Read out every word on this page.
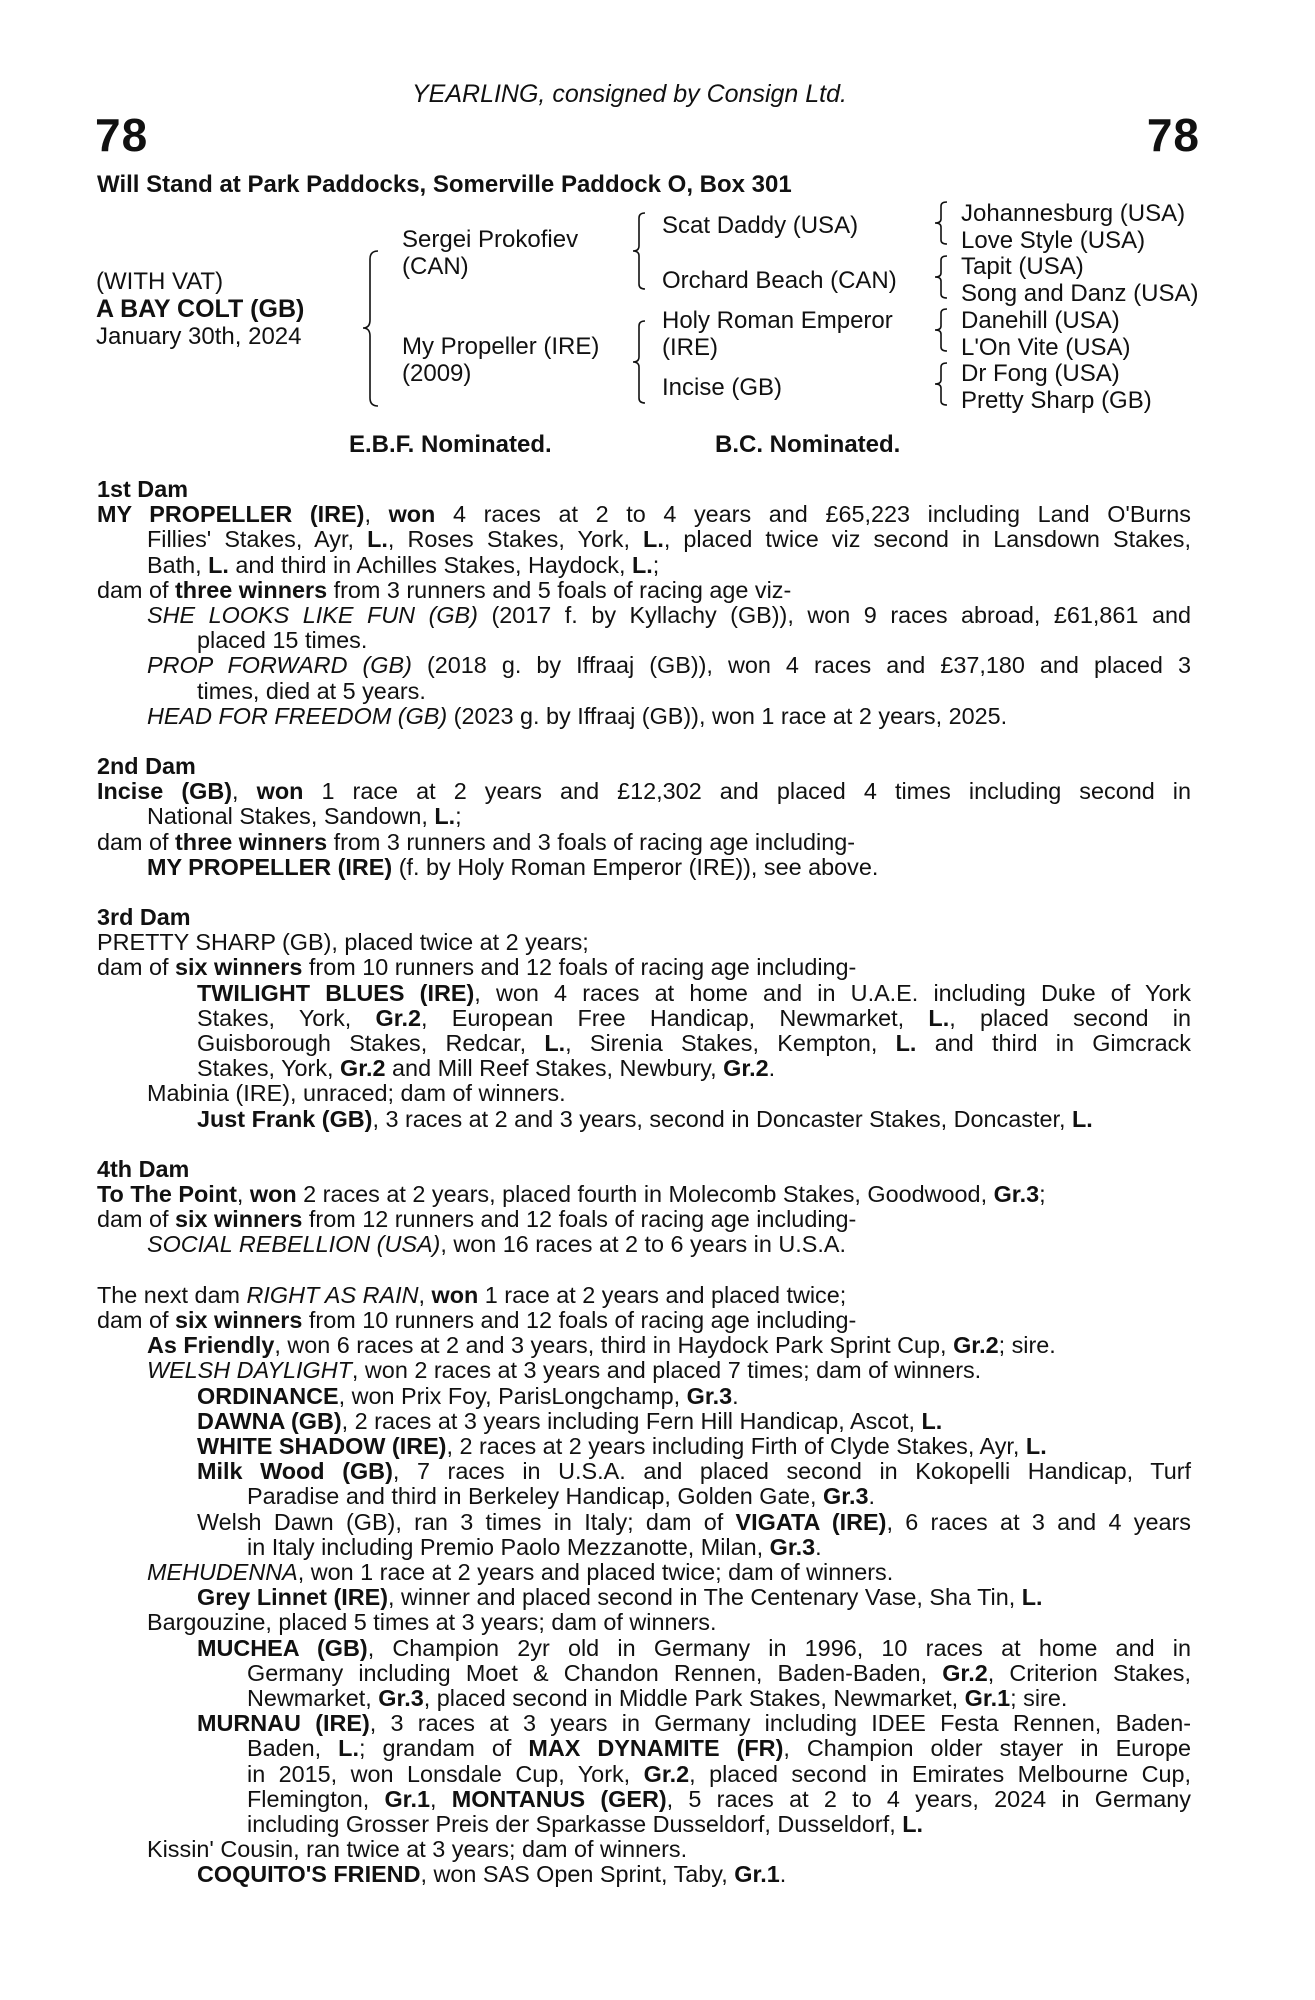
YEARLING, consigned by Consign Ltd.
78	78
Will Stand at Park Paddocks, Somerville Paddock O, Box 301
(WITH VAT)
A BAY COLT (GB)
January 30th, 2024
Sergei Prokofiev
(CAN)
My Propeller (IRE)
(2009)
Scat Daddy (USA)
Orchard Beach (CAN)
Holy Roman Emperor
(IRE)
Incise (GB)
Johannesburg (USA)
Love Style (USA)
Tapit (USA)
Song and Danz (USA)
Danehill (USA)
L'On Vite (USA)
Dr Fong (USA)
Pretty Sharp (GB)
E.B.F. Nominated.	B.C. Nominated.
1st Dam
MY PROPELLER (IRE), won 4 races at 2 to 4 years and £65,223 including Land O'Burns
Fillies' Stakes, Ayr, L., Roses Stakes, York, L., placed twice viz second in Lansdown Stakes,
Bath, L. and third in Achilles Stakes, Haydock, L.;
dam of three winners from 3 runners and 5 foals of racing age viz-
SHE LOOKS LIKE FUN (GB) (2017 f. by Kyllachy (GB)), won 9 races abroad, £61,861 and
placed 15 times.
PROP FORWARD (GB) (2018 g. by Iffraaj (GB)), won 4 races and £37,180 and placed 3
times, died at 5 years.
HEAD FOR FREEDOM (GB) (2023 g. by Iffraaj (GB)), won 1 race at 2 years, 2025.
2nd Dam
Incise (GB), won 1 race at 2 years and £12,302 and placed 4 times including second in
National Stakes, Sandown, L.;
dam of three winners from 3 runners and 3 foals of racing age including-
MY PROPELLER (IRE) (f. by Holy Roman Emperor (IRE)), see above.
3rd Dam
PRETTY SHARP (GB), placed twice at 2 years;
dam of six winners from 10 runners and 12 foals of racing age including-
TWILIGHT BLUES (IRE), won 4 races at home and in U.A.E. including Duke of York
Stakes, York, Gr.2, European Free Handicap, Newmarket, L., placed second in
Guisborough Stakes, Redcar, L., Sirenia Stakes, Kempton, L. and third in Gimcrack
Stakes, York, Gr.2 and Mill Reef Stakes, Newbury, Gr.2.
Mabinia (IRE), unraced; dam of winners.
Just Frank (GB), 3 races at 2 and 3 years, second in Doncaster Stakes, Doncaster, L.
4th Dam
To The Point, won 2 races at 2 years, placed fourth in Molecomb Stakes, Goodwood, Gr.3;
dam of six winners from 12 runners and 12 foals of racing age including-
SOCIAL REBELLION (USA), won 16 races at 2 to 6 years in U.S.A.
The next dam RIGHT AS RAIN, won 1 race at 2 years and placed twice;
dam of six winners from 10 runners and 12 foals of racing age including-
As Friendly, won 6 races at 2 and 3 years, third in Haydock Park Sprint Cup, Gr.2; sire.
WELSH DAYLIGHT, won 2 races at 3 years and placed 7 times; dam of winners.
ORDINANCE, won Prix Foy, ParisLongchamp, Gr.3.
DAWNA (GB), 2 races at 3 years including Fern Hill Handicap, Ascot, L.
WHITE SHADOW (IRE), 2 races at 2 years including Firth of Clyde Stakes, Ayr, L.
Milk Wood (GB), 7 races in U.S.A. and placed second in Kokopelli Handicap, Turf
Paradise and third in Berkeley Handicap, Golden Gate, Gr.3.
Welsh Dawn (GB), ran 3 times in Italy; dam of VIGATA (IRE), 6 races at 3 and 4 years
in Italy including Premio Paolo Mezzanotte, Milan, Gr.3.
MEHUDENNA, won 1 race at 2 years and placed twice; dam of winners.
Grey Linnet (IRE), winner and placed second in The Centenary Vase, Sha Tin, L.
Bargouzine, placed 5 times at 3 years; dam of winners.
MUCHEA (GB), Champion 2yr old in Germany in 1996, 10 races at home and in
Germany including Moet & Chandon Rennen, Baden-Baden, Gr.2, Criterion Stakes,
Newmarket, Gr.3, placed second in Middle Park Stakes, Newmarket, Gr.1; sire.
MURNAU (IRE), 3 races at 3 years in Germany including IDEE Festa Rennen, Baden-
Baden, L.; grandam of MAX DYNAMITE (FR), Champion older stayer in Europe
in 2015, won Lonsdale Cup, York, Gr.2, placed second in Emirates Melbourne Cup,
Flemington, Gr.1, MONTANUS (GER), 5 races at 2 to 4 years, 2024 in Germany
including Grosser Preis der Sparkasse Dusseldorf, Dusseldorf, L.
Kissin' Cousin, ran twice at 3 years; dam of winners.
COQUITO'S FRIEND, won SAS Open Sprint, Taby, Gr.1.
